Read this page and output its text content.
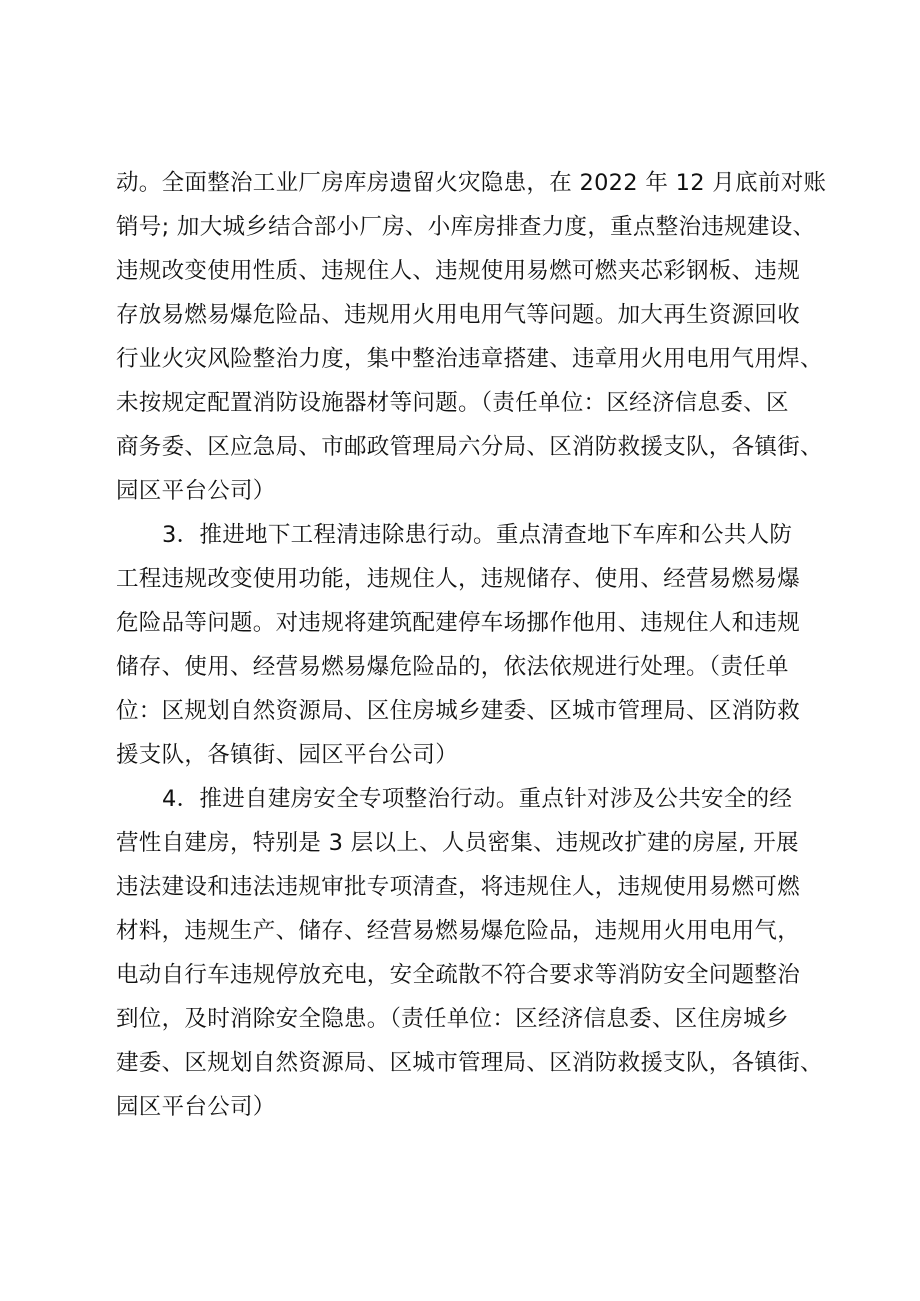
动。全面整治工业厂房库房遗留火灾隐患，在 2022 年 12 月底前对账
销号; 加大城乡结合部小厂房、小库房排查力度，重点整治违规建设、
违规改变使用性质、违规住人、违规使用易燃可燃夹芯彩钢板、违规
存放易燃易爆危险品、违规用火用电用气等问题。加大再生资源回收
行业火灾风险整治力度，集中整治违章搭建、违章用火用电用气用焊、
未按规定配置消防设施器材等问题。（责任单位：区经济信息委、区
商务委、区应急局、市邮政管理局六分局、区消防救援支队，各镇街、
园区平台公司）
3．推进地下工程清违除患行动。重点清查地下车库和公共人防
工程违规改变使用功能，违规住人，违规储存、使用、经营易燃易爆
危险品等问题。对违规将建筑配建停车场挪作他用、违规住人和违规
储存、使用、经营易燃易爆危险品的，依法依规进行处理。（责任单
位：区规划自然资源局、区住房城乡建委、区城市管理局、区消防救
援支队，各镇街、园区平台公司）
4．推进自建房安全专项整治行动。重点针对涉及公共安全的经
营性自建房，特别是 3 层以上、人员密集、违规改扩建的房屋, 开展
违法建设和违法违规审批专项清查，将违规住人，违规使用易燃可燃
材料，违规生产、储存、经营易燃易爆危险品，违规用火用电用气，
电动自行车违规停放充电，安全疏散不符合要求等消防安全问题整治
到位，及时消除安全隐患。（责任单位：区经济信息委、区住房城乡
建委、区规划自然资源局、区城市管理局、区消防救援支队，各镇街、
园区平台公司）
